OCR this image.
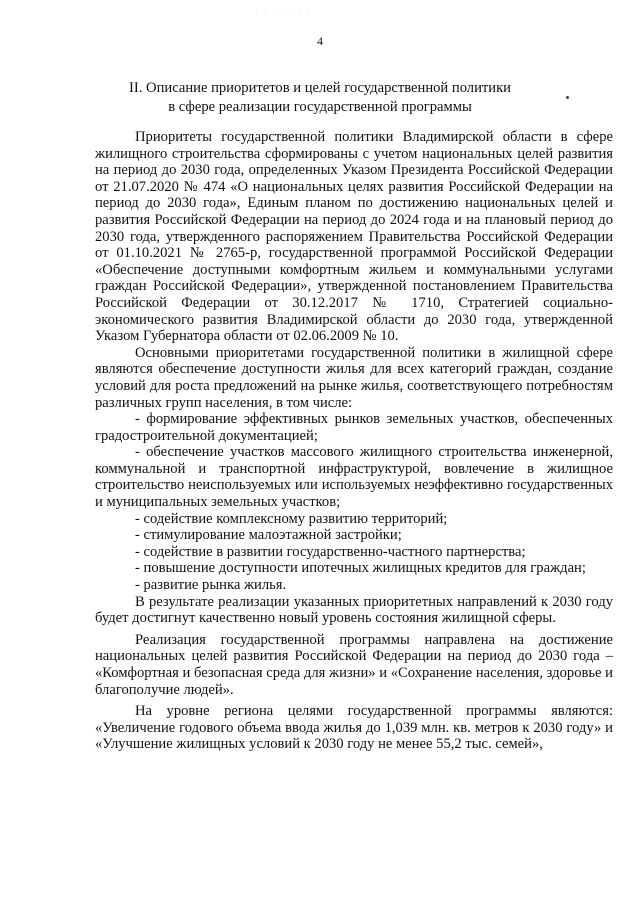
· · · · · · ·
4
II. Описание приоритетов и целей государственной политики
в сфере реализации государственной программы

Приоритеты государственной политики Владимирской области в сфере жилищного строительства сформированы с учетом национальных целей развития на период до 2030 года, определенных Указом Президента Российской Федерации от 21.07.2020 № 474 «О национальных целях развития Российской Федерации на период до 2030 года», Единым планом по достижению национальных целей и развития Российской Федерации на период до 2024 года и на плановый период до 2030 года, утвержденного распоряжением Правительства Российской Федерации от 01.10.2021 № 2765-р, государственной программой Российской Федерации «Обеспечение доступными комфортным жильем и коммунальными услугами граждан Российской Федерации», утвержденной постановлением Правительства Российской Федерации от 30.12.2017 № 1710, Стратегией социально-экономического развития Владимирской области до 2030 года, утвержденной Указом Губернатора области от 02.06.2009 № 10.

Основными приоритетами государственной политики в жилищной сфере являются обеспечение доступности жилья для всех категорий граждан, создание условий для роста предложений на рынке жилья, соответствующего потребностям различных групп населения, в том числе:

- формирование эффективных рынков земельных участков, обеспеченных градостроительной документацией;

- обеспечение участков массового жилищного строительства инженерной, коммунальной и транспортной инфраструктурой, вовлечение в жилищное строительство неиспользуемых или используемых неэффективно государственных и муниципальных земельных участков;

- содействие комплексному развитию территорий;

- стимулирование малоэтажной застройки;

- содействие в развитии государственно-частного партнерства;

- повышение доступности ипотечных жилищных кредитов для граждан;

- развитие рынка жилья.

В результате реализации указанных приоритетных направлений к 2030 году будет достигнут качественно новый уровень состояния жилищной сферы.

Реализация государственной программы направлена на достижение национальных целей развития Российской Федерации на период до 2030 года – «Комфортная и безопасная среда для жизни» и «Сохранение населения, здоровье и благополучие людей».

На уровне региона целями государственной программы являются: «Увеличение годового объема ввода жилья до 1,039 млн. кв. метров к 2030 году» и «Улучшение жилищных условий к 2030 году не менее 55,2 тыс. семей»,
